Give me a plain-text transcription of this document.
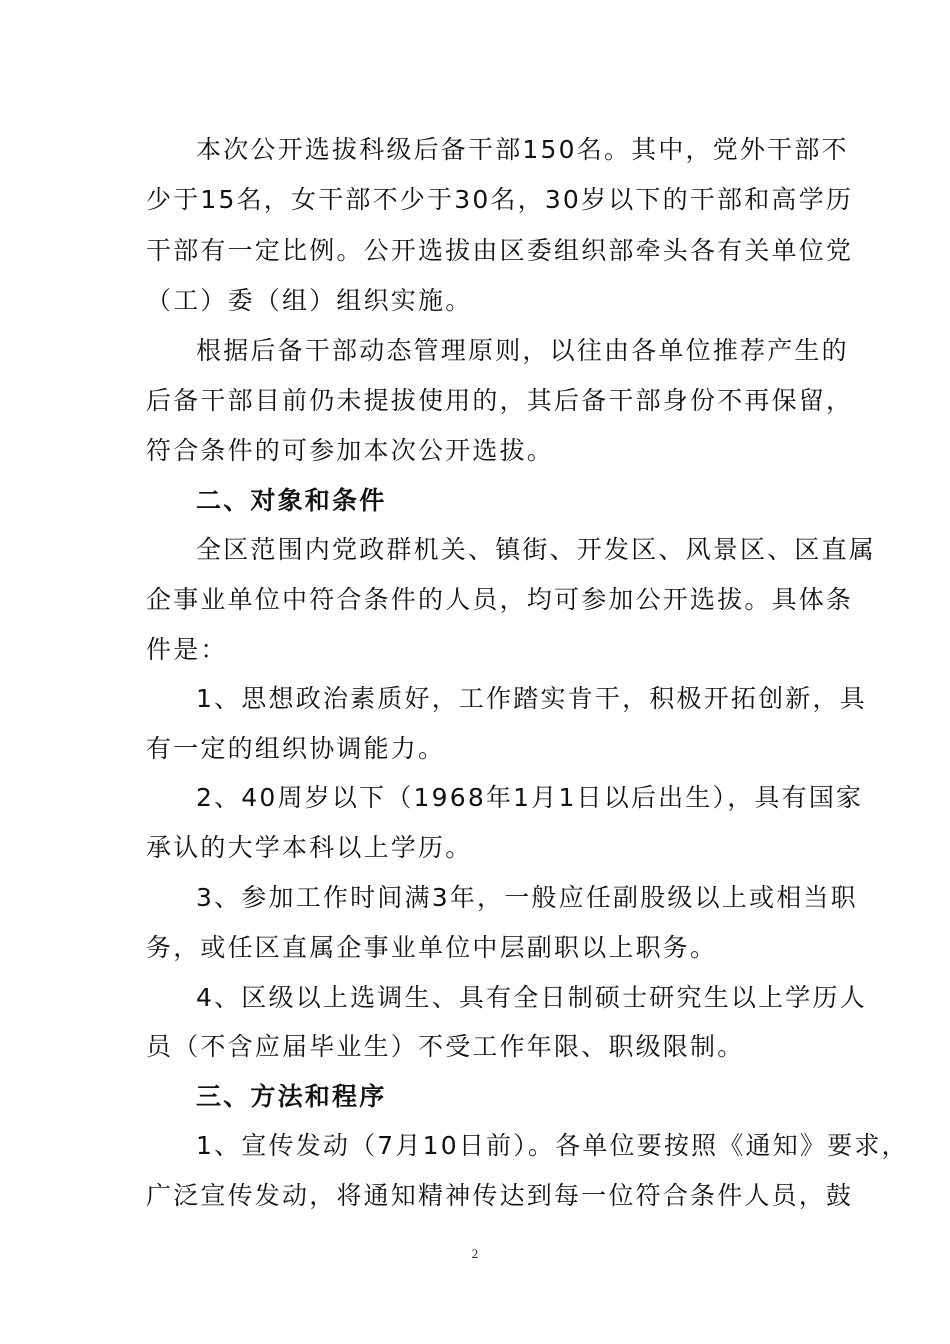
本次公开选拔科级后备干部150名。其中，党外干部不
少于15名，女干部不少于30名，30岁以下的干部和高学历
干部有一定比例。公开选拔由区委组织部牵头各有关单位党
（工）委（组）组织实施。
根据后备干部动态管理原则，以往由各单位推荐产生的
后备干部目前仍未提拔使用的，其后备干部身份不再保留，
符合条件的可参加本次公开选拔。
二、对象和条件
全区范围内党政群机关、镇街、开发区、风景区、区直属
企事业单位中符合条件的人员，均可参加公开选拔。具体条
件是：
1、思想政治素质好，工作踏实肯干，积极开拓创新，具
有一定的组织协调能力。
2、40周岁以下（1968年1月1日以后出生），具有国家
承认的大学本科以上学历。
3、参加工作时间满3年，一般应任副股级以上或相当职
务，或任区直属企事业单位中层副职以上职务。
4、区级以上选调生、具有全日制硕士研究生以上学历人
员（不含应届毕业生）不受工作年限、职级限制。
三、方法和程序
1、宣传发动（7月10日前）。各单位要按照《通知》要求，
广泛宣传发动，将通知精神传达到每一位符合条件人员，鼓
2
